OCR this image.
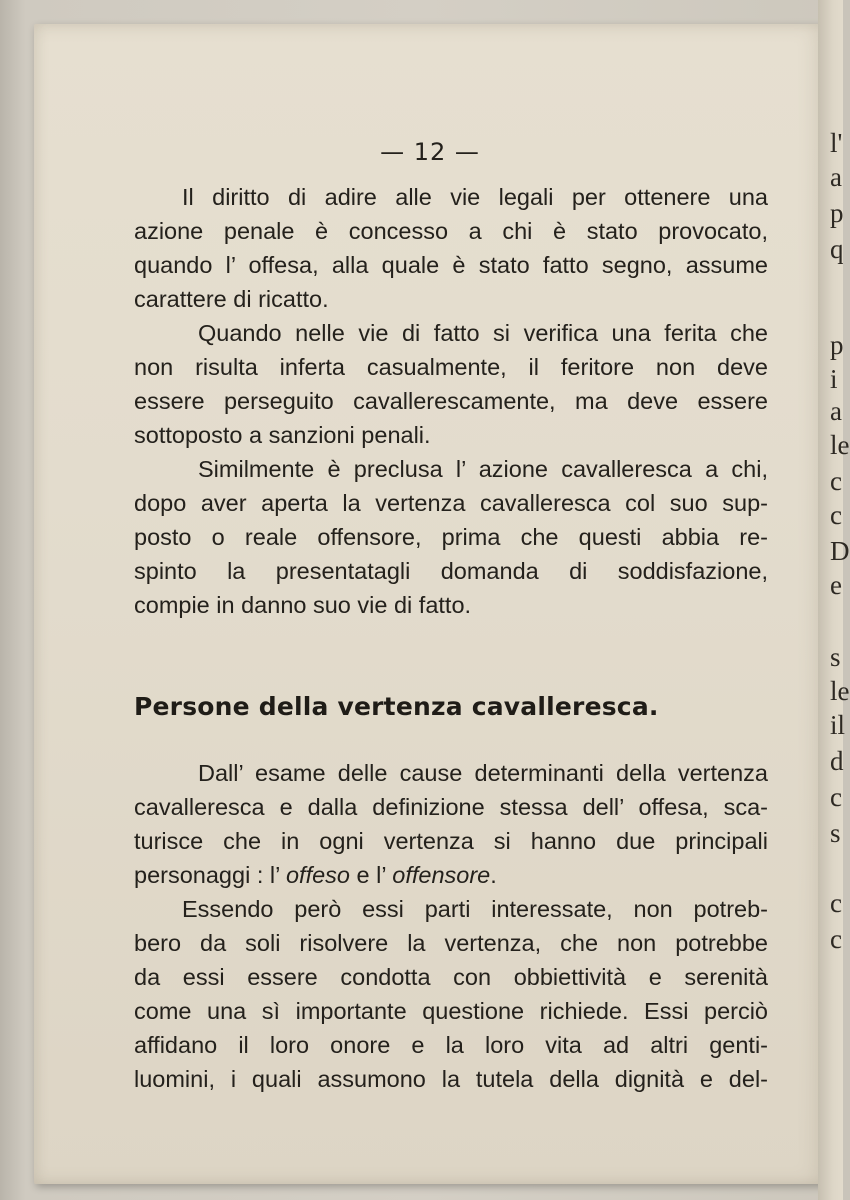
— 12 —
Il diritto di adire alle vie legali per ottenere una
azione penale è concesso a chi è stato provocato,
quando l’ offesa, alla quale è stato fatto segno, assume
carattere di ricatto.
Quando nelle vie di fatto si verifica una ferita che
non risulta inferta casualmente, il feritore non deve
essere perseguito cavallerescamente, ma deve essere
sottoposto a sanzioni penali.
Similmente è preclusa l’ azione cavalleresca a chi,
dopo aver aperta la vertenza cavalleresca col suo sup-
posto o reale offensore, prima che questi abbia re-
spinto la presentatagli domanda di soddisfazione,
compie in danno suo vie di fatto.
Persone della vertenza cavalleresca.
Dall’ esame delle cause determinanti della vertenza
cavalleresca e dalla definizione stessa dell’ offesa, sca-
turisce che in ogni vertenza si hanno due principali
personaggi : l’ offeso e l’ offensore.
Essendo però essi parti interessate, non potreb-
bero da soli risolvere la vertenza, che non potrebbe
da essi essere condotta con obbiettività e serenità
come una sì importante questione richiede. Essi perciò
affidano il loro onore e la loro vita ad altri genti-
luomini, i quali assumono la tutela della dignità e del-
l'
a
p
q
p
i
a
le
c
c
D
e
s
le
il
d
c
s
c
c
